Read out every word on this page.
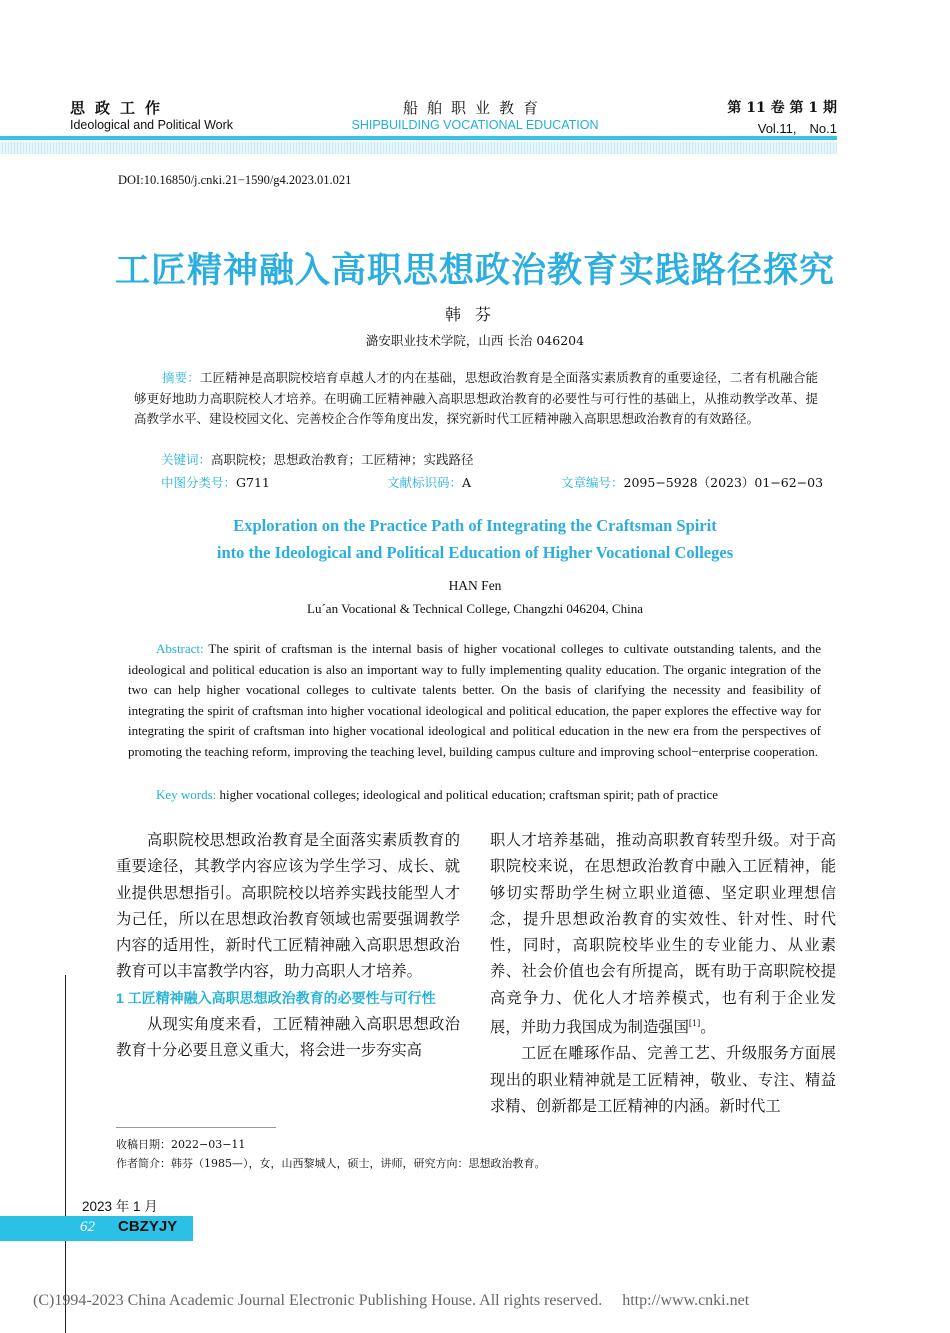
思政工作
Ideological and Political Work
船舶职业教育
SHIPBUILDING VOCATIONAL EDUCATION
第 11 卷 第 1 期
Vol.11,　No.1
DOI:10.16850/j.cnki.21−1590/g4.2023.01.021
工匠精神融入高职思想政治教育实践路径探究
韩芬
潞安职业技术学院，山西 长治 046204
摘要：工匠精神是高职院校培育卓越人才的内在基础，思想政治教育是全面落实素质教育的重要途径，二者有机融合能够更好地助力高职院校人才培养。在明确工匠精神融入高职思想政治教育的必要性与可行性的基础上，从推动教学改革、提高教学水平、建设校园文化、完善校企合作等角度出发，探究新时代工匠精神融入高职思想政治教育的有效路径。
关键词：高职院校；思想政治教育；工匠精神；实践路径
中图分类号：G711	文献标识码：A	文章编号：2095−5928（2023）01−62−03
Exploration on the Practice Path of Integrating the Craftsman Spirit
into the Ideological and Political Education of Higher Vocational Colleges
HAN Fen
Lu´an Vocational & Technical College, Changzhi 046204, China
Abstract: The spirit of craftsman is the internal basis of higher vocational colleges to cultivate outstanding talents, and the ideological and political education is also an important way to fully implementing quality education. The organic integration of the two can help higher vocational colleges to cultivate talents better. On the basis of clarifying the necessity and feasibility of integrating the spirit of craftsman into higher vocational ideological and political education, the paper explores the effective way for integrating the spirit of craftsman into higher vocational ideological and political education in the new era from the perspectives of promoting the teaching reform, improving the teaching level, building campus culture and improving school−enterprise cooperation.
Key words: higher vocational colleges; ideological and political education; craftsman spirit; path of practice

高职院校思想政治教育是全面落实素质教育的重要途径，其教学内容应该为学生学习、成长、就业提供思想指引。高职院校以培养实践技能型人才为己任，所以在思想政治教育领域也需要强调教学内容的适用性，新时代工匠精神融入高职思想政治教育可以丰富教学内容，助力高职人才培养。

1 工匠精神融入高职思想政治教育的必要性与可行性

从现实角度来看，工匠精神融入高职思想政治教育十分必要且意义重大，将会进一步夯实高

职人才培养基础，推动高职教育转型升级。对于高职院校来说，在思想政治教育中融入工匠精神，能够切实帮助学生树立职业道德、坚定职业理想信念，提升思想政治教育的实效性、针对性、时代性，同时，高职院校毕业生的专业能力、从业素养、社会价值也会有所提高，既有助于高职院校提高竞争力、优化人才培养模式，也有利于企业发展，并助力我国成为制造强国[1]。

工匠在雕琢作品、完善工艺、升级服务方面展现出的职业精神就是工匠精神，敬业、专注、精益求精、创新都是工匠精神的内涵。新时代工

收稿日期：2022−03−11
作者简介：韩芬（1985—），女，山西黎城人，硕士，讲师，研究方向：思想政治教育。
2023 年 1 月
62 CBZYJY
(C)1994-2023 China Academic Journal Electronic Publishing House. All rights reserved.　 http://www.cnki.net
